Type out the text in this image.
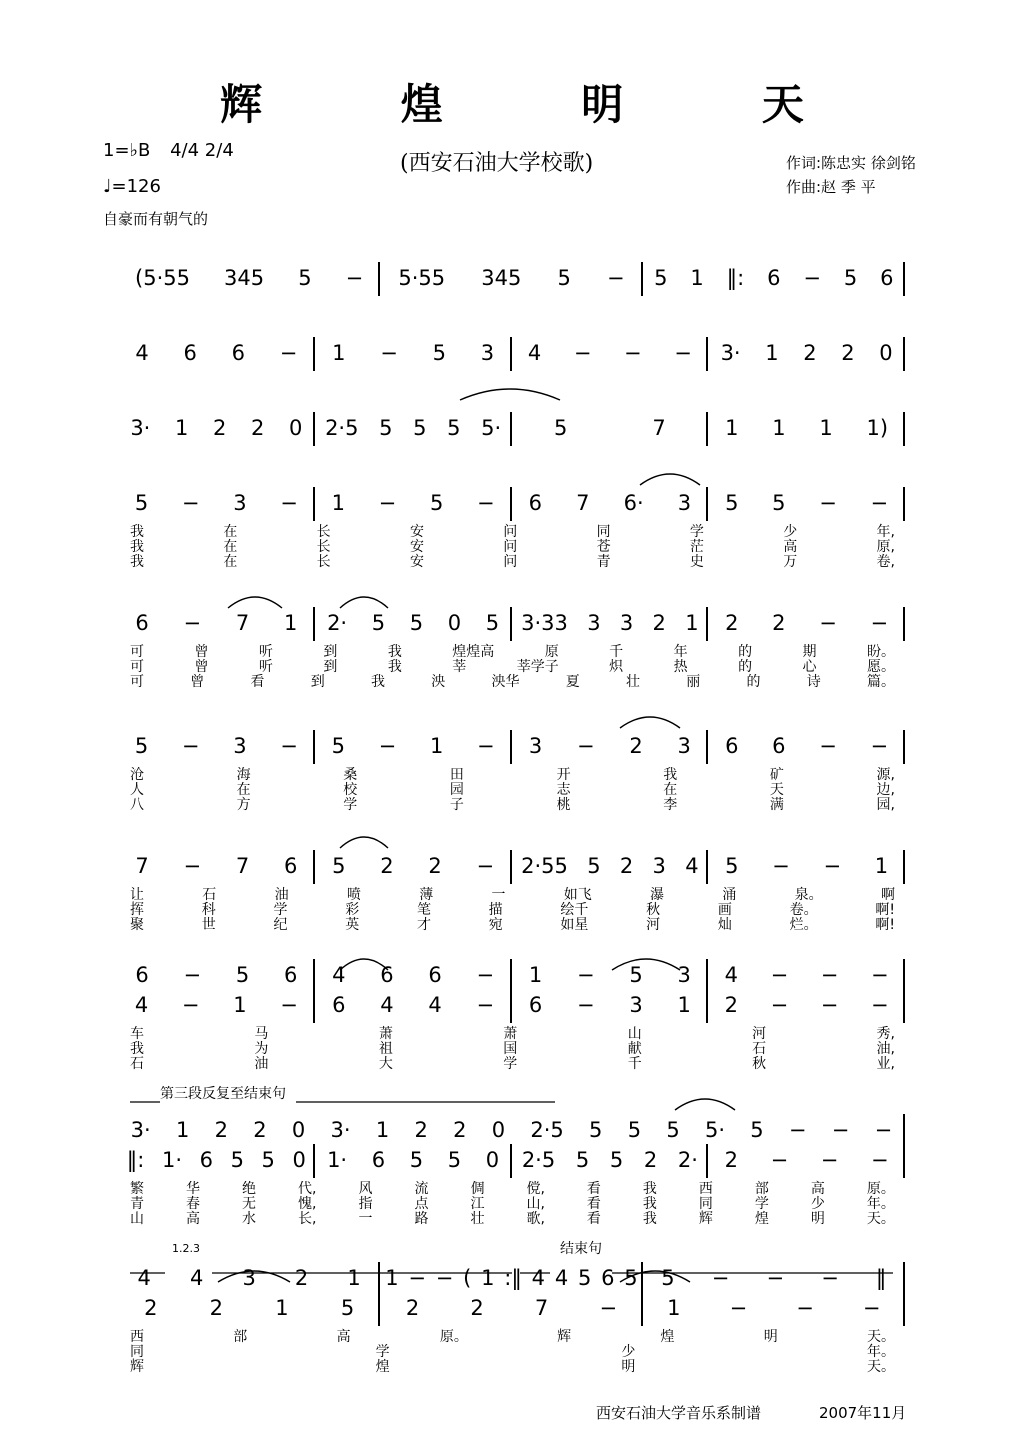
辉 煌 明 天
(西安石油大学校歌)	作词:陈忠实 徐剑铭
作曲:赵 季 平
1=♭B 4/4 2/4
♩=126
自豪而有朝气的
(5·55 345 5 − 5·55 345 5 − 5 1 ‖: 6 − 5 6
4 6 6 − 1 − 5 3 4 − − − 3· 1 2 2 0
3· 1 2 2 0 2·5 5 5 5 5·	5	7	1 1 1 1)
5 − 3 − 1 − 5 − 6 7 6· 3 5 5 − −
我	在	长	安	问	同	学	少	年,
我	在	长	安	问	苍	茫	高	原,
我	在	长	安	问	青	史	万	卷,
6 − 7 1 2· 5 5 0 5 3·33 3 3 2 1 2 2 − −
可	曾	听	到	我	煌煌高	原	千	年	的	期	盼。
可	曾	听	到	我	莘	莘学子	炽	热	的	心	愿。
可	曾	看	到	我	泱	泱华	夏	壮	丽	的	诗	篇。
5 − 3 − 5 − 1 − 3 − 2 3 6 6 − −
沧	海	桑	田	开	我	矿	源,
人	在	校	园	志	在	天	边,
八	方	学	子	桃	李	满	园,
7 − 7 6 5 2 2 − 2·55 5 2 3 4 5 − − 1
让	石	油	喷	薄	一	如飞	瀑	涌	泉。	啊
挥	科	学	彩	笔	描	绘千	秋	画	卷。	啊!
聚	世	纪	英	才	宛	如星	河	灿	烂。	啊!
6 − 5 6 4 6 6 − 1 − 5 3 4 − − −
4 − 1 − 6 4 4 − 6 − 3 1 2 − − −
车	马	萧	萧	山	河	秀,
我	为	祖	国	献	石	油,
石	油	大	学	千	秋	业,
第三段反复至结束句
3· 1 2 2 0 3· 1 2 2 0 2·5 5 5 5 5· 5 − − −
‖: 1· 6 5 5 0 1· 6 5 5 0 2·5 5 5 2 2· 2 − − −
繁	华	绝	代,	风	流	倜	傥,	看	我	西	部	高	原。
青	春	无	愧,	指	点	江	山,	看	我	同	学	少	年。
山	高	水	长,	一	路	壮	歌,	看	我	辉	煌	明	天。
1.2.3	结束句
4 4 3 2 1 1 − − ( 1 :‖ 4 4 5 6 5 5 − − − ‖
2 2 1 5 2 2 7 − 1 − − −
西	部	高	原。	辉	煌	明	天。
同	学	少	年。
辉	煌	明	天。
西安石油大学音乐系制谱	2007年11月
